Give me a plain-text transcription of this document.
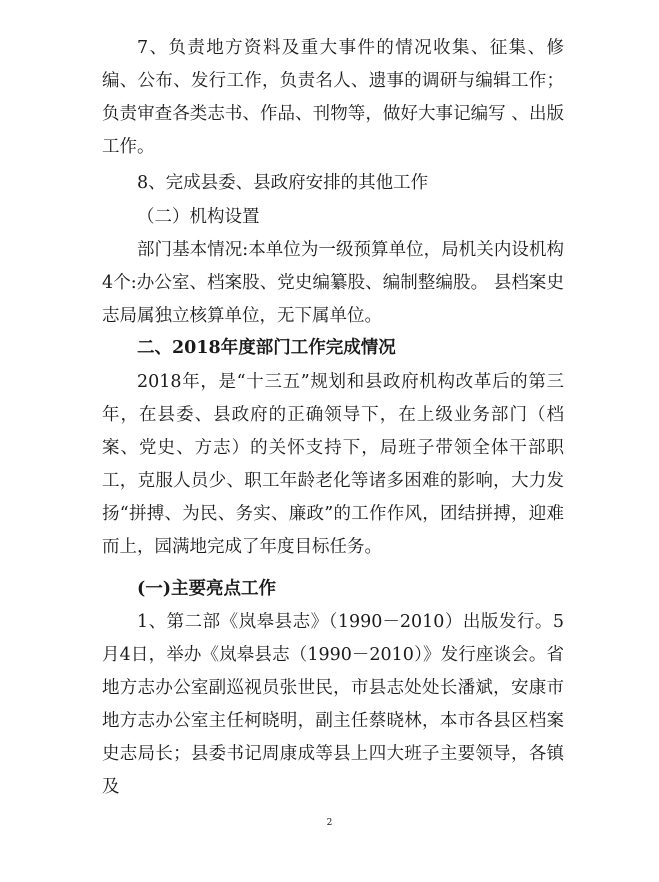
7、负责地方资料及重大事件的情况收集、征集、修编、公布、发行工作，负责名人、遗事的调研与编辑工作；负责审查各类志书、作品、刊物等，做好大事记编写 、出版工作。

8、完成县委、县政府安排的其他工作

（二）机构设置

部门基本情况:本单位为一级预算单位，局机关内设机构4个:办公室、档案股、党史编纂股、编制整编股。 县档案史志局属独立核算单位，无下属单位。

二、2018年度部门工作完成情况

2018年，是“十三五”规划和县政府机构改革后的第三年，在县委、县政府的正确领导下，在上级业务部门（档案、党史、方志）的关怀支持下，局班子带领全体干部职工，克服人员少、职工年龄老化等诸多困难的影响，大力发扬“拼搏、为民、务实、廉政”的工作作风，团结拼搏，迎难而上，园满地完成了年度目标任务。

(一)主要亮点工作

1、第二部《岚皋县志》（1990－2010）出版发行。5月4日，举办《岚皋县志（1990－2010）》发行座谈会。省地方志办公室副巡视员张世民，市县志处处长潘斌，安康市地方志办公室主任柯晓明，副主任蔡晓林，本市各县区档案史志局长；县委书记周康成等县上四大班子主要领导，各镇及

2
